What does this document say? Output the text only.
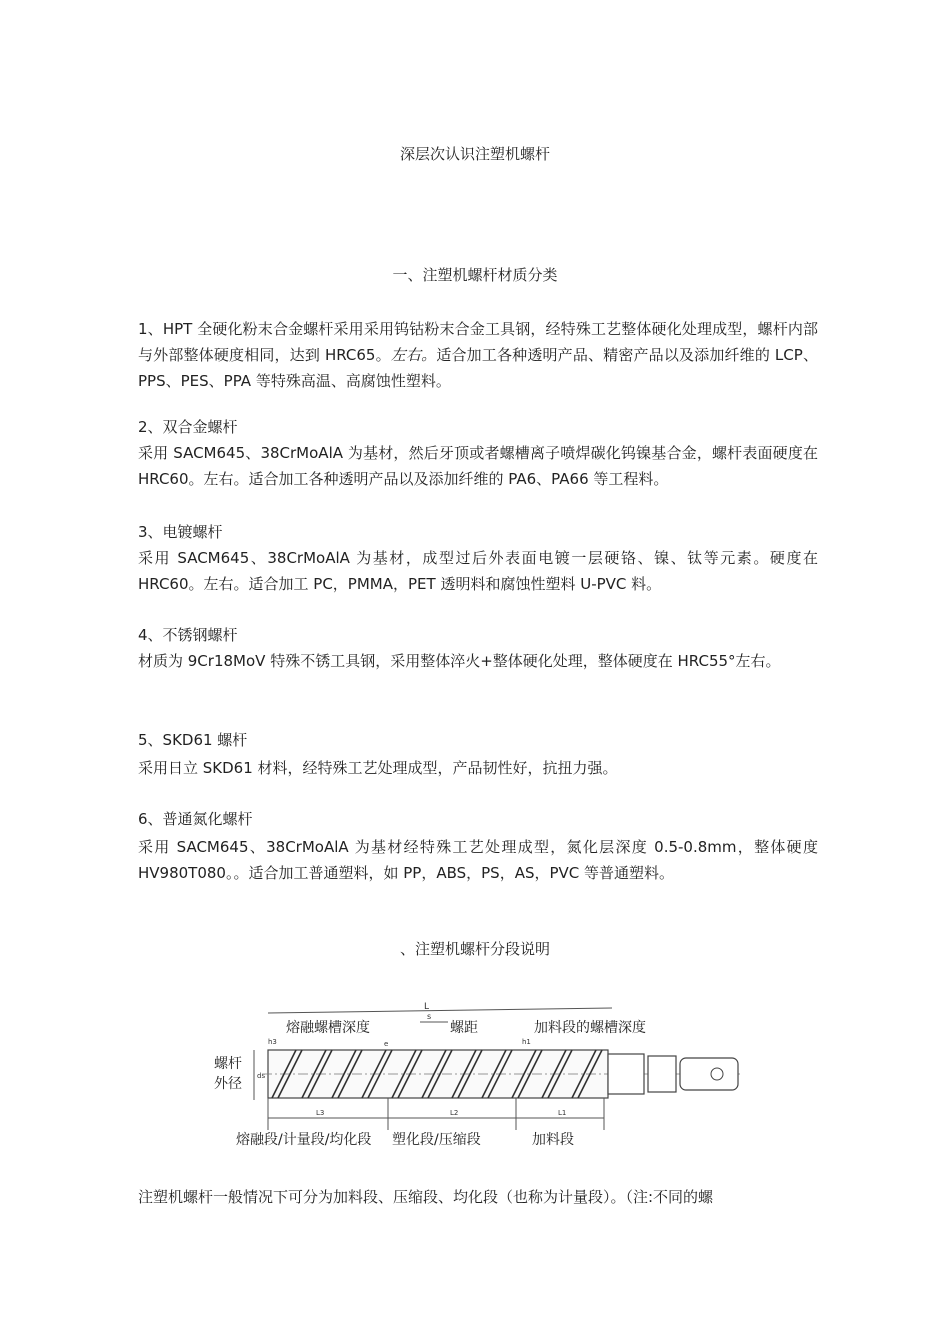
深层次认识注塑机螺杆
一、注塑机螺杆材质分类
1、HPT 全硬化粉末合金螺杆采用采用钨钴粉末合金工具钢，经特殊工艺整体硬化处理成型，螺杆内部与外部整体硬度相同，达到 HRC65。左右。适合加工各种透明产品、精密产品以及添加纤维的 LCP、PPS、PES、PPA 等特殊高温、高腐蚀性塑料。
2、双合金螺杆
采用 SACM645、38CrMoAlA 为基材，然后牙顶或者螺槽离子喷焊碳化钨镍基合金，螺杆表面硬度在 HRC60。左右。适合加工各种透明产品以及添加纤维的 PA6、PA66 等工程料。
3、电镀螺杆
采用 SACM645、38CrMoAlA 为基材，成型过后外表面电镀一层硬铬、镍、钛等元素。硬度在 HRC60。左右。适合加工 PC，PMMA，PET 透明料和腐蚀性塑料 U-PVC 料。
4、不锈钢螺杆
材质为 9Cr18MoV 特殊不锈工具钢，采用整体淬火+整体硬化处理，整体硬度在 HRC55°左右。
5、SKD61 螺杆
采用日立 SKD61 材料，经特殊工艺处理成型，产品韧性好，抗扭力强。
6、普通氮化螺杆
采用 SACM645、38CrMoAlA 为基材经特殊工艺处理成型，氮化层深度 0.5-0.8mm，整体硬度 HV980T080。。适合加工普通塑料，如 PP，ABS，PS，AS，PVC 等普通塑料。
、注塑机螺杆分段说明
L
熔融螺槽深度
s
螺距	加料段的螺槽深度
h3	h1
e
螺杆
外径 ds
L3	L2	L1
熔融段/计量段/均化段 塑化段/压缩段	加料段
注塑机螺杆一般情况下可分为加料段、压缩段、均化段（也称为计量段）。（注:不同的螺
